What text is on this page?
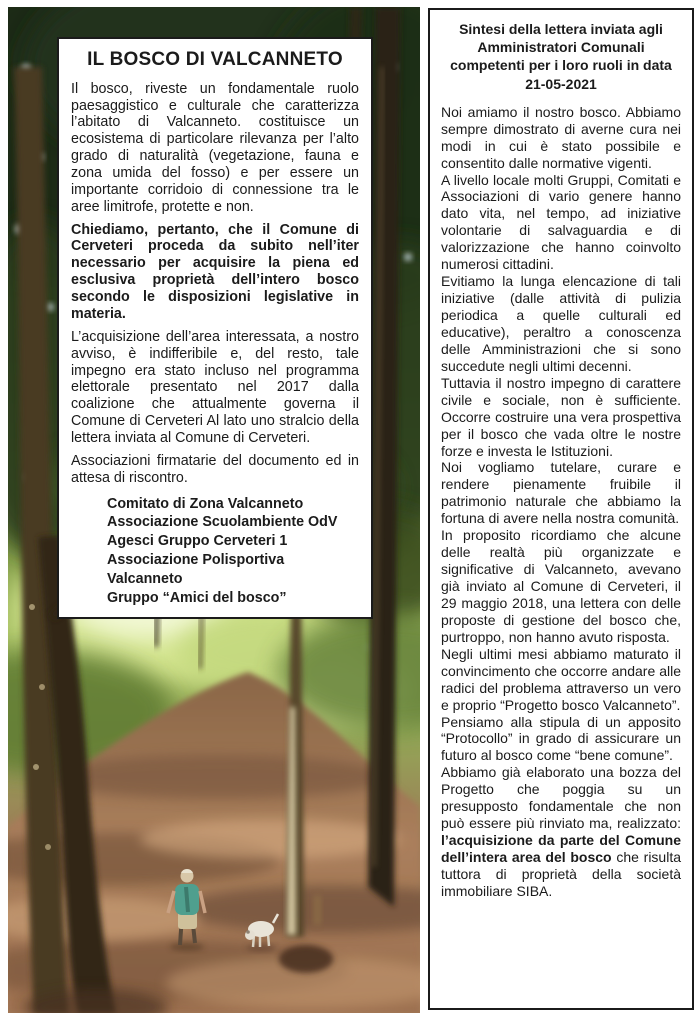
IL BOSCO DI VALCANNETO

Il bosco, riveste un fondamentale ruolo paesaggistico e culturale che caratterizza l’abitato di Valcanneto. costituisce un ecosistema di particolare rilevanza per l’alto grado di naturalità (vegetazione, fauna e zona umida del fosso) e per essere un importante corridoio di connessione tra le aree limitrofe, protette e non.

Chiediamo, pertanto, che il Comune di Cerveteri proceda da subito nell’iter necessario per acquisire la piena ed esclusiva proprietà dell’intero bosco secondo le disposizioni legislative in materia.

L’acquisizione dell’area interessata, a nostro avviso, è indifferibile e, del resto, tale impegno era stato incluso nel programma elettorale presentato nel 2017 dalla coalizione che attualmente governa il Comune di Cerveteri Al lato uno stralcio della lettera inviata al Comune di Cerveteri.

Associazioni firmatarie del documento ed in attesa di riscontro.

Comitato di Zona Valcanneto
Associazione Scuolambiente OdV
Agesci Gruppo Cerveteri 1
Associazione Polisportiva Valcanneto
Gruppo “Amici del bosco”
Sintesi della lettera inviata agli
Amministratori Comunali
competenti per i loro ruoli in data
21-05-2021

Noi amiamo il nostro bosco. Abbiamo sempre dimostrato di averne cura nei modi in cui è stato possibile e consentito dalle normative vigenti.

A livello locale molti Gruppi, Comitati e Associazioni di vario genere hanno dato vita, nel tempo, ad iniziative volontarie di salvaguardia e di valorizzazione che hanno coinvolto numerosi cittadini.

Evitiamo la lunga elencazione di tali iniziative (dalle attività di pulizia periodica a quelle culturali ed educative), peraltro a conoscenza delle Amministrazioni che si sono succedute negli ultimi decenni.

Tuttavia il nostro impegno di carattere civile e sociale, non è sufficiente. Occorre costruire una vera prospettiva per il bosco che vada oltre le nostre forze e investa le Istituzioni.

Noi vogliamo tutelare, curare e rendere pienamente fruibile il patrimonio naturale che abbiamo la fortuna di avere nella nostra comunità.

In proposito ricordiamo che alcune delle realtà più organizzate e significative di Valcanneto, avevano già inviato al Comune di Cerveteri, il 29 maggio 2018, una lettera con delle proposte di gestione del bosco che, purtroppo, non hanno avuto risposta.

Negli ultimi mesi abbiamo maturato il convincimento che occorre andare alle radici del problema attraverso un vero e proprio “Progetto bosco Valcanneto”.

Pensiamo alla stipula di un apposito “Protocollo” in grado di assicurare un futuro al bosco come “bene comune”.

Abbiamo già elaborato una bozza del Progetto che poggia su un presupposto fondamentale che non può essere più rinviato ma, realizzato: l’acquisizione da parte del Comune dell’intera area del bosco che risulta tuttora di proprietà della società immobiliare SIBA.
